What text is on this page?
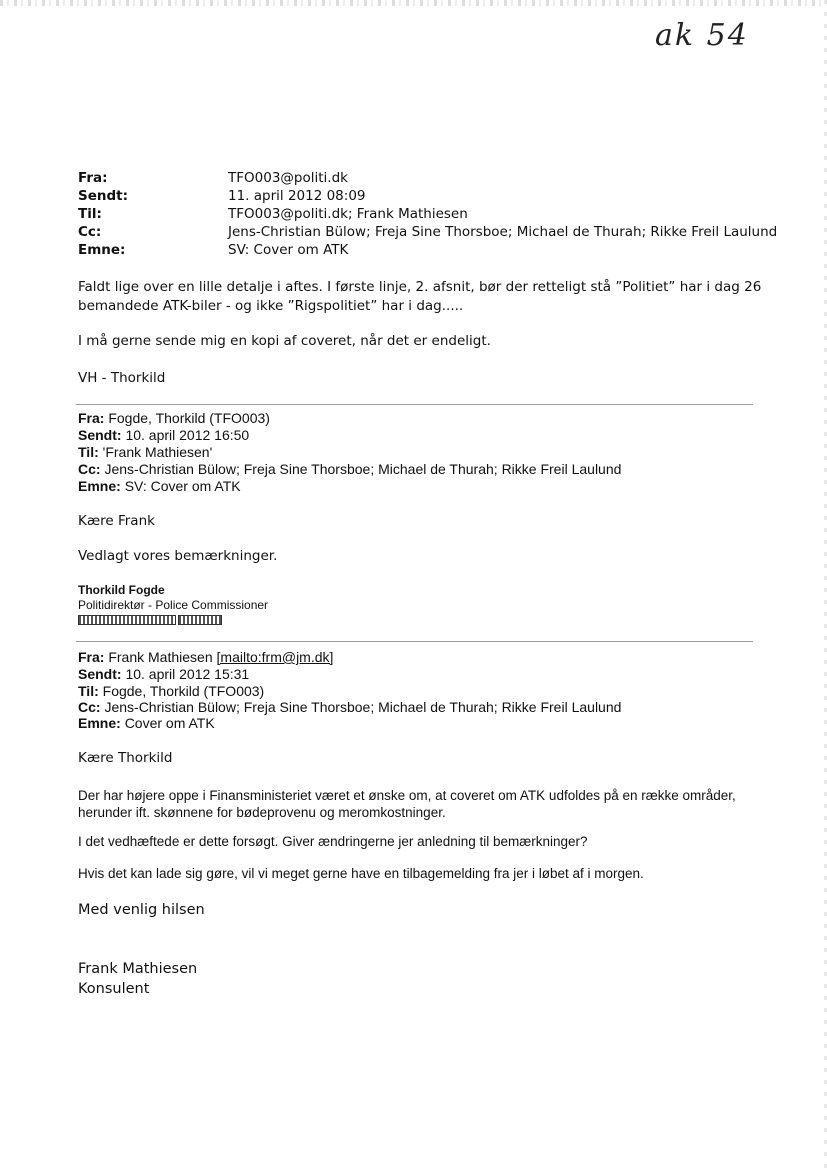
ak 54
Fra:	TFO003@politi.dk
Sendt:	11. april 2012 08:09
Til:	TFO003@politi.dk; Frank Mathiesen
Cc:	Jens-Christian Bülow; Freja Sine Thorsboe; Michael de Thurah; Rikke Freil Laulund
Emne:	SV: Cover om ATK
Faldt lige over en lille detalje i aftes. I første linje, 2. afsnit, bør der retteligt stå ”Politiet” har i dag 26
bemandede ATK-biler - og ikke ”Rigspolitiet” har i dag.....
I må gerne sende mig en kopi af coveret, når det er endeligt.
VH - Thorkild
Fra: Fogde, Thorkild (TFO003)
Sendt: 10. april 2012 16:50
Til: 'Frank Mathiesen'
Cc: Jens-Christian Bülow; Freja Sine Thorsboe; Michael de Thurah; Rikke Freil Laulund
Emne: SV: Cover om ATK
Kære Frank
Vedlagt vores bemærkninger.
Thorkild Fogde
Politidirektør - Police Commissioner
Fra: Frank Mathiesen [mailto:frm@jm.dk]
Sendt: 10. april 2012 15:31
Til: Fogde, Thorkild (TFO003)
Cc: Jens-Christian Bülow; Freja Sine Thorsboe; Michael de Thurah; Rikke Freil Laulund
Emne: Cover om ATK
Kære Thorkild
Der har højere oppe i Finansministeriet været et ønske om, at coveret om ATK udfoldes på en række områder,
herunder ift. skønnene for bødeprovenu og meromkostninger.
I det vedhæftede er dette forsøgt. Giver ændringerne jer anledning til bemærkninger?
Hvis det kan lade sig gøre, vil vi meget gerne have en tilbagemelding fra jer i løbet af i morgen.
Med venlig hilsen
Frank Mathiesen
Konsulent
